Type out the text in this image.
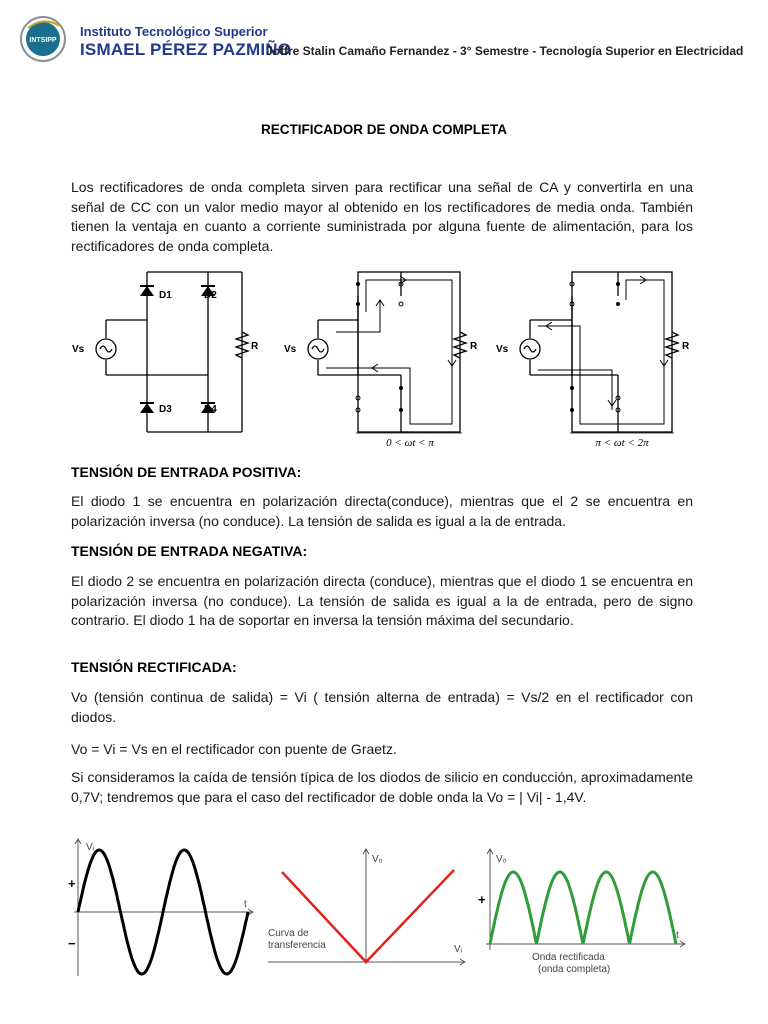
INTSIPP
Instituto Tecnológico Superior
ISMAEL PÉREZ PAZMIÑO
Joffre Stalin Camaño Fernandez - 3° Semestre - Tecnología Superior en Electricidad
RECTIFICADOR DE ONDA COMPLETA
Los rectificadores de onda completa sirven para rectificar una señal de CA y convertirla en una señal de CC con un valor medio mayor al obtenido en los rectificadores de media onda. También tienen la ventaja en cuanto a corriente suministrada por alguna fuente de alimentación, para los rectificadores de onda completa.
D1	D2
D3	D4
Vs	R	Vs	R
0 < ωt < π
Vs	R
π < ωt < 2π
TENSIÓN DE ENTRADA POSITIVA:
El diodo 1 se encuentra en polarización directa(conduce), mientras que el 2 se encuentra en polarización inversa (no conduce). La tensión de salida es igual a la de entrada.
TENSIÓN DE ENTRADA NEGATIVA:
El diodo 2 se encuentra en polarización directa (conduce), mientras que el diodo 1 se encuentra en polarización inversa (no conduce). La tensión de salida es igual a la de entrada, pero de signo contrario. El diodo 1 ha de soportar en inversa la tensión máxima del secundario.
TENSIÓN RECTIFICADA:
Vo (tensión continua de salida) = Vi ( tensión alterna de entrada) = Vs/2 en el rectificador con diodos.
Vo = Vi = Vs en el rectificador con puente de Graetz.
Si consideramos la caída de tensión típica de los diodos de silicio en conducción, aproximadamente 0,7V; tendremos que para el caso del rectificador de doble onda la Vo = | Vi| - 1,4V.
Vᵢ
t
+
−
Vₒ
Vᵢ
Curva de
transferencia
Vₒ
t
+
Onda rectificada
(onda completa)
